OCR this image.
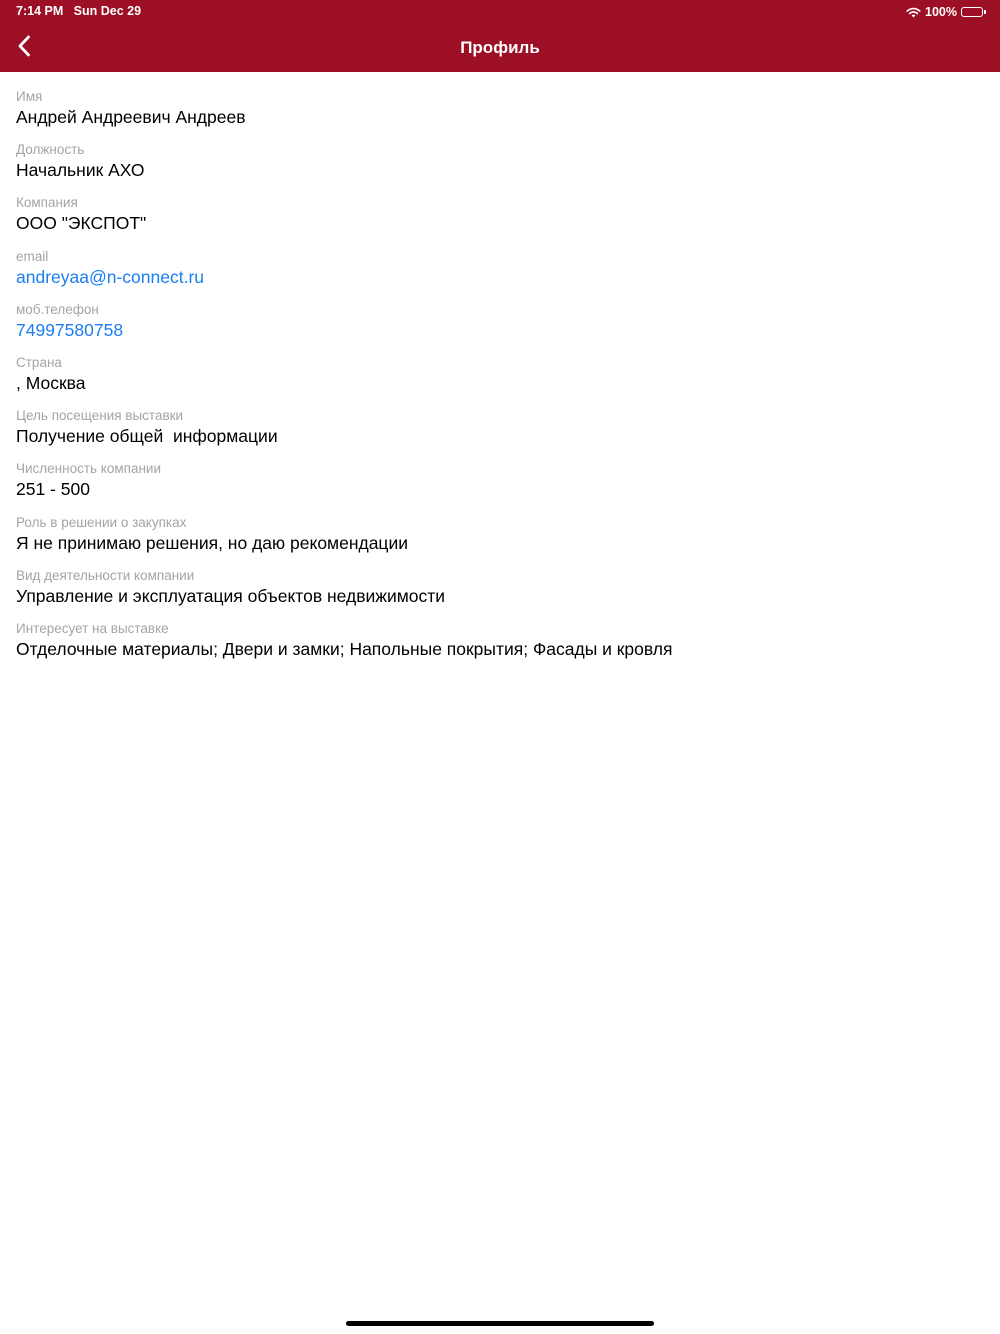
7:14 PM Sun Dec 29	100%
Профиль
Имя
Андрей Андреевич Андреев
Должность
Начальник АХО
Компания
ООО "ЭКСПОТ"
email
andreyaa@n-connect.ru
моб.телефон
74997580758
Страна
, Москва
Цель посещения выставки
Получение общей  информации
Численность компании
251 - 500
Роль в решении о закупках
Я не принимаю решения, но даю рекомендации
Вид деятельности компании
Управление и эксплуатация объектов недвижимости
Интересует на выставке
Отделочные материалы; Двери и замки; Напольные покрытия; Фасады и кровля
